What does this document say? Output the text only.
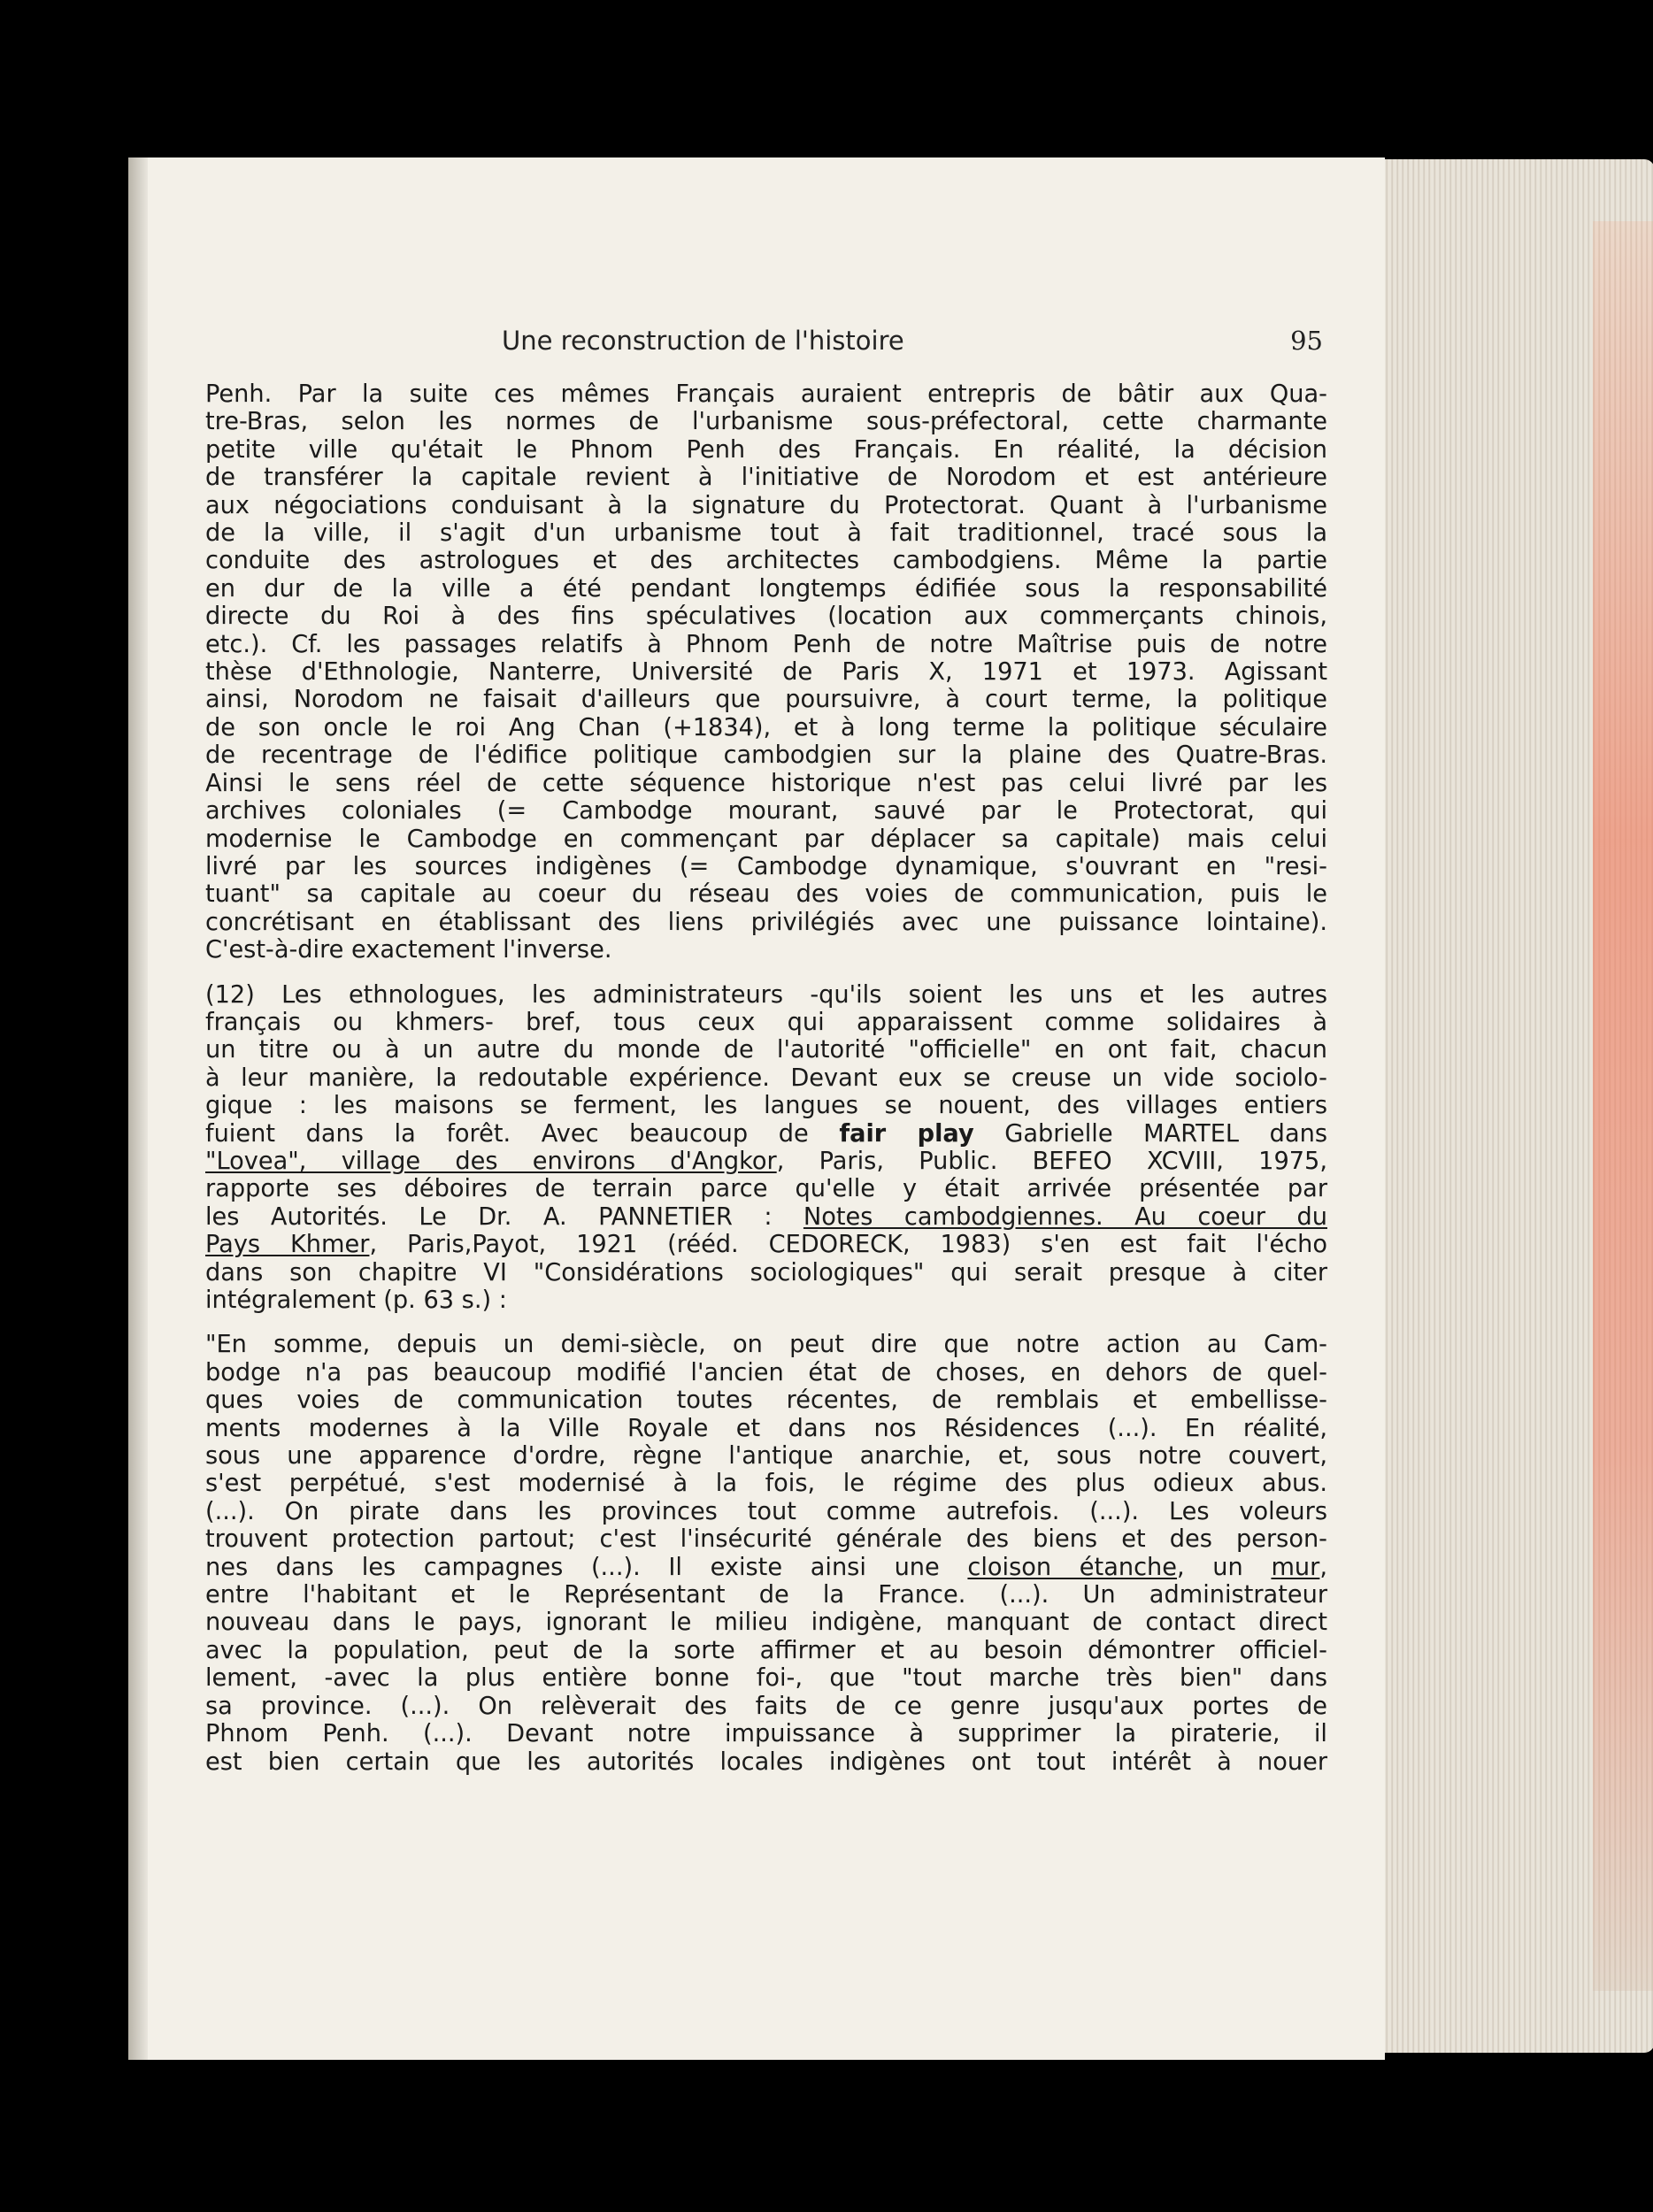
Une reconstruction de l'histoire	95
Penh. Par la suite ces mêmes Français auraient entrepris de bâtir aux Qua-
tre-Bras, selon les normes de l'urbanisme sous-préfectoral, cette charmante
petite ville qu'était le Phnom Penh des Français. En réalité, la décision
de transférer la capitale revient à l'initiative de Norodom et est antérieure
aux négociations conduisant à la signature du Protectorat. Quant à l'urbanisme
de la ville, il s'agit d'un urbanisme tout à fait traditionnel, tracé sous la
conduite des astrologues et des architectes cambodgiens. Même la partie
en dur de la ville a été pendant longtemps édifiée sous la responsabilité
directe du Roi à des fins spéculatives (location aux commerçants chinois,
etc.). Cf. les passages relatifs à Phnom Penh de notre Maîtrise puis de notre
thèse d'Ethnologie, Nanterre, Université de Paris X, 1971 et 1973. Agissant
ainsi, Norodom ne faisait d'ailleurs que poursuivre, à court terme, la politique
de son oncle le roi Ang Chan (+1834), et à long terme la politique séculaire
de recentrage de l'édifice politique cambodgien sur la plaine des Quatre-Bras.
Ainsi le sens réel de cette séquence historique n'est pas celui livré par les
archives coloniales (= Cambodge mourant, sauvé par le Protectorat, qui
modernise le Cambodge en commençant par déplacer sa capitale) mais celui
livré par les sources indigènes (= Cambodge dynamique, s'ouvrant en "resi-
tuant" sa capitale au coeur du réseau des voies de communication, puis le
concrétisant en établissant des liens privilégiés avec une puissance lointaine).
C'est-à-dire exactement l'inverse.
(12) Les ethnologues, les administrateurs -qu'ils soient les uns et les autres
français ou khmers- bref, tous ceux qui apparaissent comme solidaires à
un titre ou à un autre du monde de l'autorité "officielle" en ont fait, chacun
à leur manière, la redoutable expérience. Devant eux se creuse un vide sociolo-
gique : les maisons se ferment, les langues se nouent, des villages entiers
fuient dans la forêt. Avec beaucoup de fair play Gabrielle MARTEL dans
"Lovea", village des environs d'Angkor, Paris, Public. BEFEO XCVIII, 1975,
rapporte ses déboires de terrain parce qu'elle y était arrivée présentée par
les Autorités. Le Dr. A. PANNETIER : Notes cambodgiennes. Au coeur du
Pays Khmer, Paris,Payot, 1921 (rééd. CEDORECK, 1983) s'en est fait l'écho
dans son chapitre VI "Considérations sociologiques" qui serait presque à citer
intégralement (p. 63 s.) :
"En somme, depuis un demi-siècle, on peut dire que notre action au Cam-
bodge n'a pas beaucoup modifié l'ancien état de choses, en dehors de quel-
ques voies de communication toutes récentes, de remblais et embellisse-
ments modernes à la Ville Royale et dans nos Résidences (...). En réalité,
sous une apparence d'ordre, règne l'antique anarchie, et, sous notre couvert,
s'est perpétué, s'est modernisé à la fois, le régime des plus odieux abus.
(...). On pirate dans les provinces tout comme autrefois. (...). Les voleurs
trouvent protection partout; c'est l'insécurité générale des biens et des person-
nes dans les campagnes (...). Il existe ainsi une cloison étanche, un mur,
entre l'habitant et le Représentant de la France. (...). Un administrateur
nouveau dans le pays, ignorant le milieu indigène, manquant de contact direct
avec la population, peut de la sorte affirmer et au besoin démontrer officiel-
lement, -avec la plus entière bonne foi-, que "tout marche très bien" dans
sa province. (...). On relèverait des faits de ce genre jusqu'aux portes de
Phnom Penh. (...). Devant notre impuissance à supprimer la piraterie, il
est bien certain que les autorités locales indigènes ont tout intérêt à nouer
